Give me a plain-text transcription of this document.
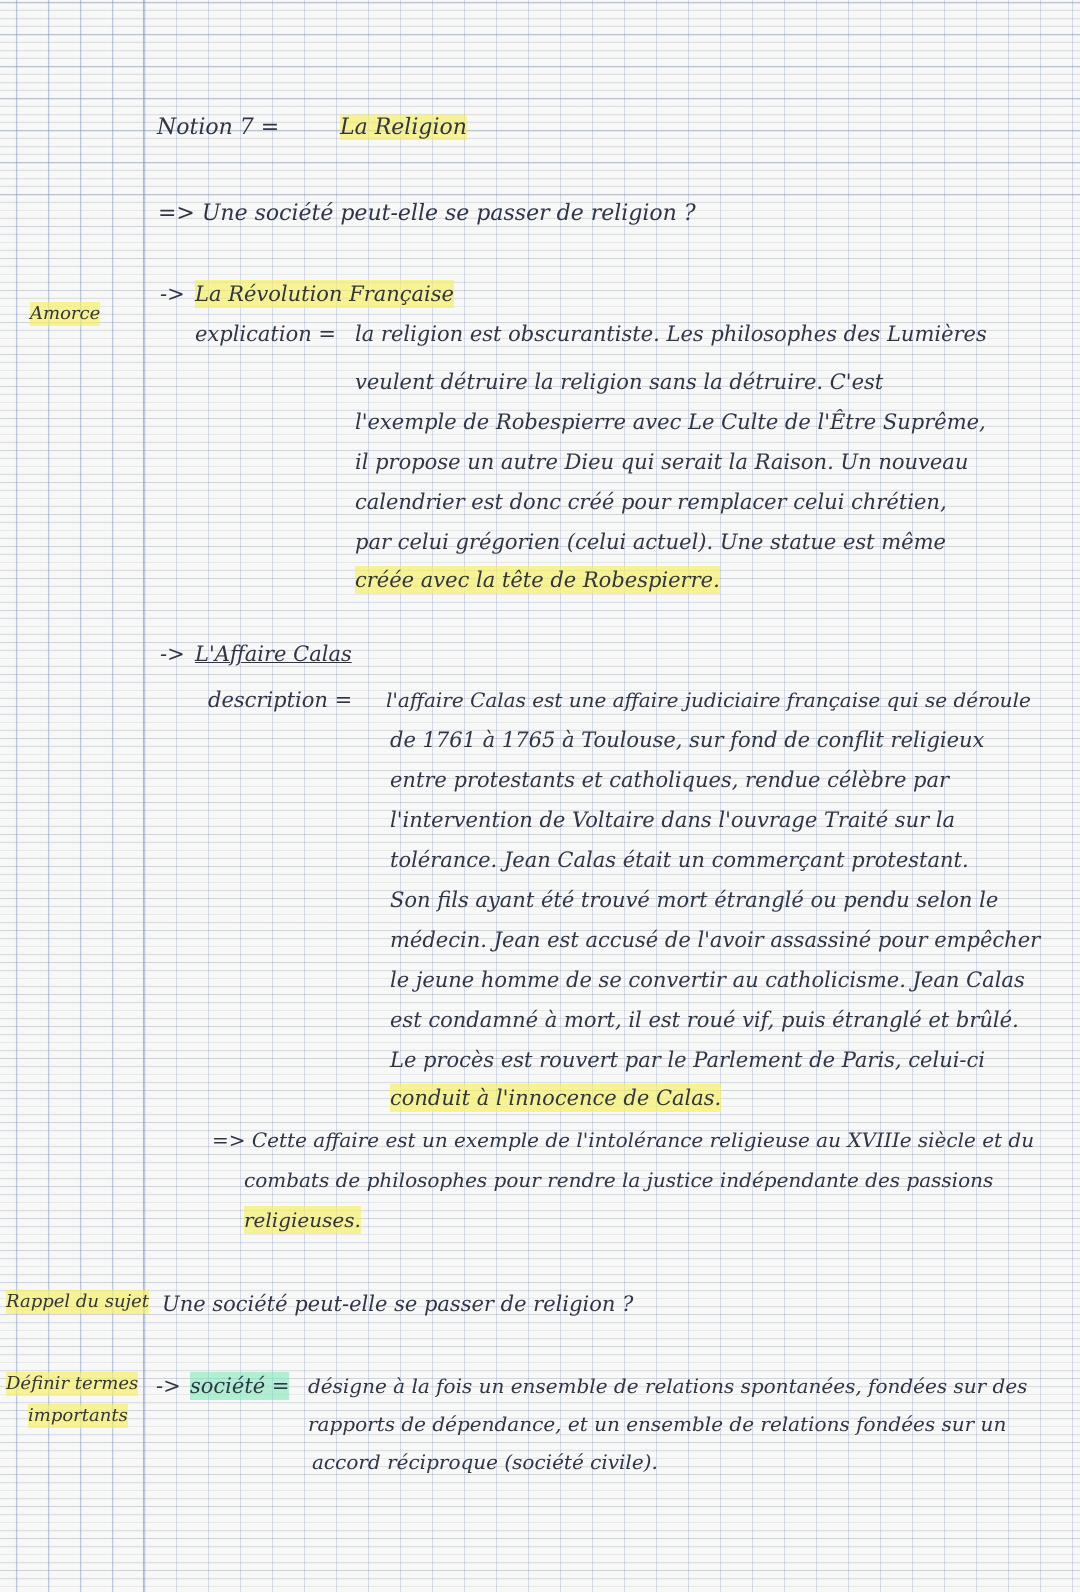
Notion 7 =	La Religion
=> Une société peut-elle se passer de religion ?
Amorce
Rappel du sujet
Définir termes
importants
-> La Révolution Française
explication = la religion est obscurantiste. Les philosophes des Lumières
veulent détruire la religion sans la détruire. C'est
l'exemple de Robespierre avec Le Culte de l'Être Suprême,
il propose un autre Dieu qui serait la Raison. Un nouveau
calendrier est donc créé pour remplacer celui chrétien,
par celui grégorien (celui actuel). Une statue est même
créée avec la tête de Robespierre.
-> L'Affaire Calas
description = l'affaire Calas est une affaire judiciaire française qui se déroule
de 1761 à 1765 à Toulouse, sur fond de conflit religieux
entre protestants et catholiques, rendue célèbre par
l'intervention de Voltaire dans l'ouvrage Traité sur la
tolérance. Jean Calas était un commerçant protestant.
Son fils ayant été trouvé mort étranglé ou pendu selon le
médecin. Jean est accusé de l'avoir assassiné pour empêcher
le jeune homme de se convertir au catholicisme. Jean Calas
est condamné à mort, il est roué vif, puis étranglé et brûlé.
Le procès est rouvert par le Parlement de Paris, celui-ci
conduit à l'innocence de Calas.
=> Cette affaire est un exemple de l'intolérance religieuse au XVIIIe siècle et du
combats de philosophes pour rendre la justice indépendante des passions
religieuses.
Une société peut-elle se passer de religion ?
-> société = désigne à la fois un ensemble de relations spontanées, fondées sur des
rapports de dépendance, et un ensemble de relations fondées sur un
accord réciproque (société civile).
